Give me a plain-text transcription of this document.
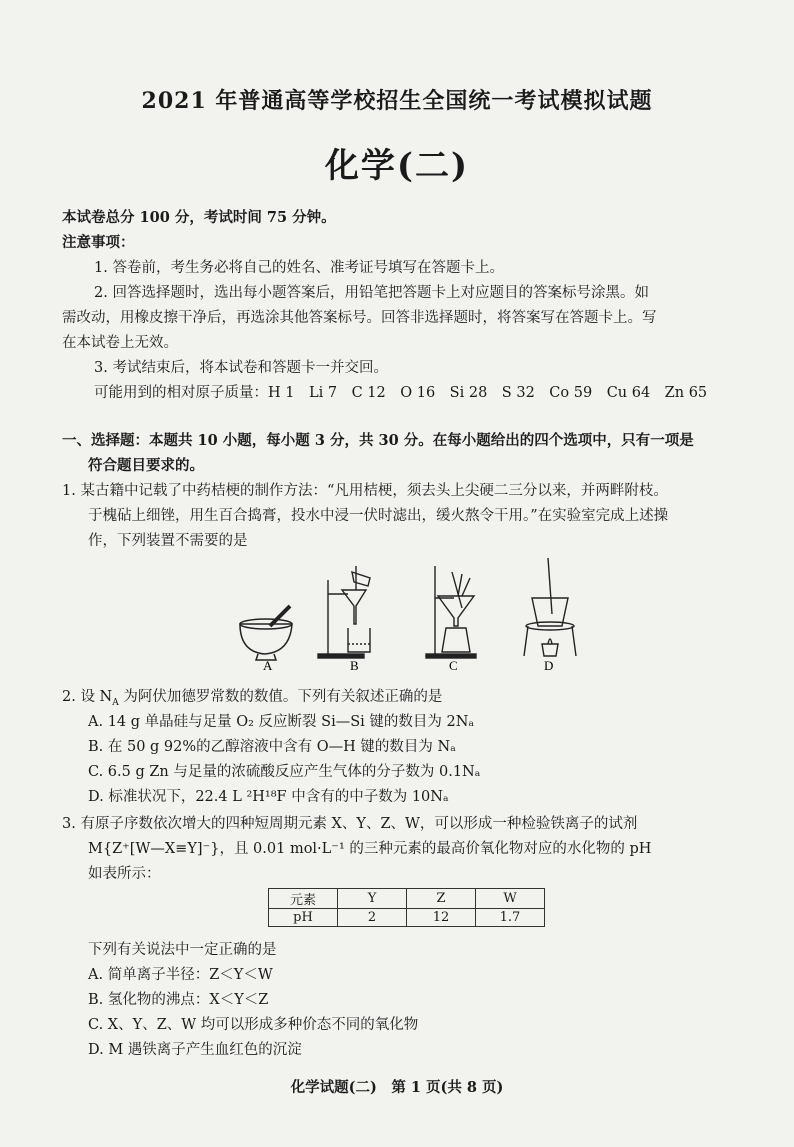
2021 年普通高等学校招生全国统一考试模拟试题
化学(二)
本试卷总分 100 分，考试时间 75 分钟。
注意事项：
1. 答卷前，考生务必将自己的姓名、准考证号填写在答题卡上。
2. 回答选择题时，选出每小题答案后，用铅笔把答题卡上对应题目的答案标号涂黑。如
需改动，用橡皮擦干净后，再选涂其他答案标号。回答非选择题时，将答案写在答题卡上。写
在本试卷上无效。
3. 考试结束后，将本试卷和答题卡一并交回。
可能用到的相对原子质量：H 1　Li 7　C 12　O 16　Si 28　S 32　Co 59　Cu 64　Zn 65
一、选择题：本题共 10 小题，每小题 3 分，共 30 分。在每小题给出的四个选项中，只有一项是
符合题目要求的。
1. 某古籍中记载了中药桔梗的制作方法：“凡用桔梗，须去头上尖硬二三分以来，并两畔附枝。
于槐砧上细锉，用生百合捣膏，投水中浸一伏时滤出，缓火熬令干用。”在实验室完成上述操
作，下列装置不需要的是
A	B	C	D
2. 设 $N_A$ 为阿伏加德罗常数的数值。下列有关叙述正确的是
A. 14 g 单晶硅与足量 O₂ 反应断裂 Si—Si 键的数目为 2Nₐ
B. 在 50 g 92%的乙醇溶液中含有 O—H 键的数目为 Nₐ
C. 6.5 g Zn 与足量的浓硫酸反应产生气体的分子数为 0.1Nₐ
D. 标准状况下，22.4 L ²H¹⁸F 中含有的中子数为 10Nₐ
3. 有原子序数依次增大的四种短周期元素 X、Y、Z、W，可以形成一种检验铁离子的试剂
M{Z⁺[W—X≡Y]⁻}，且 0.01 mol·L⁻¹ 的三种元素的最高价氧化物对应的水化物的 pH
如表所示：
元素	Y	Z	W
pH	2	12	1.7
下列有关说法中一定正确的是
A. 简单离子半径：Z＜Y＜W
B. 氢化物的沸点：X＜Y＜Z
C. X、Y、Z、W 均可以形成多种价态不同的氧化物
D. M 遇铁离子产生血红色的沉淀
化学试题(二)　第 1 页(共 8 页)
